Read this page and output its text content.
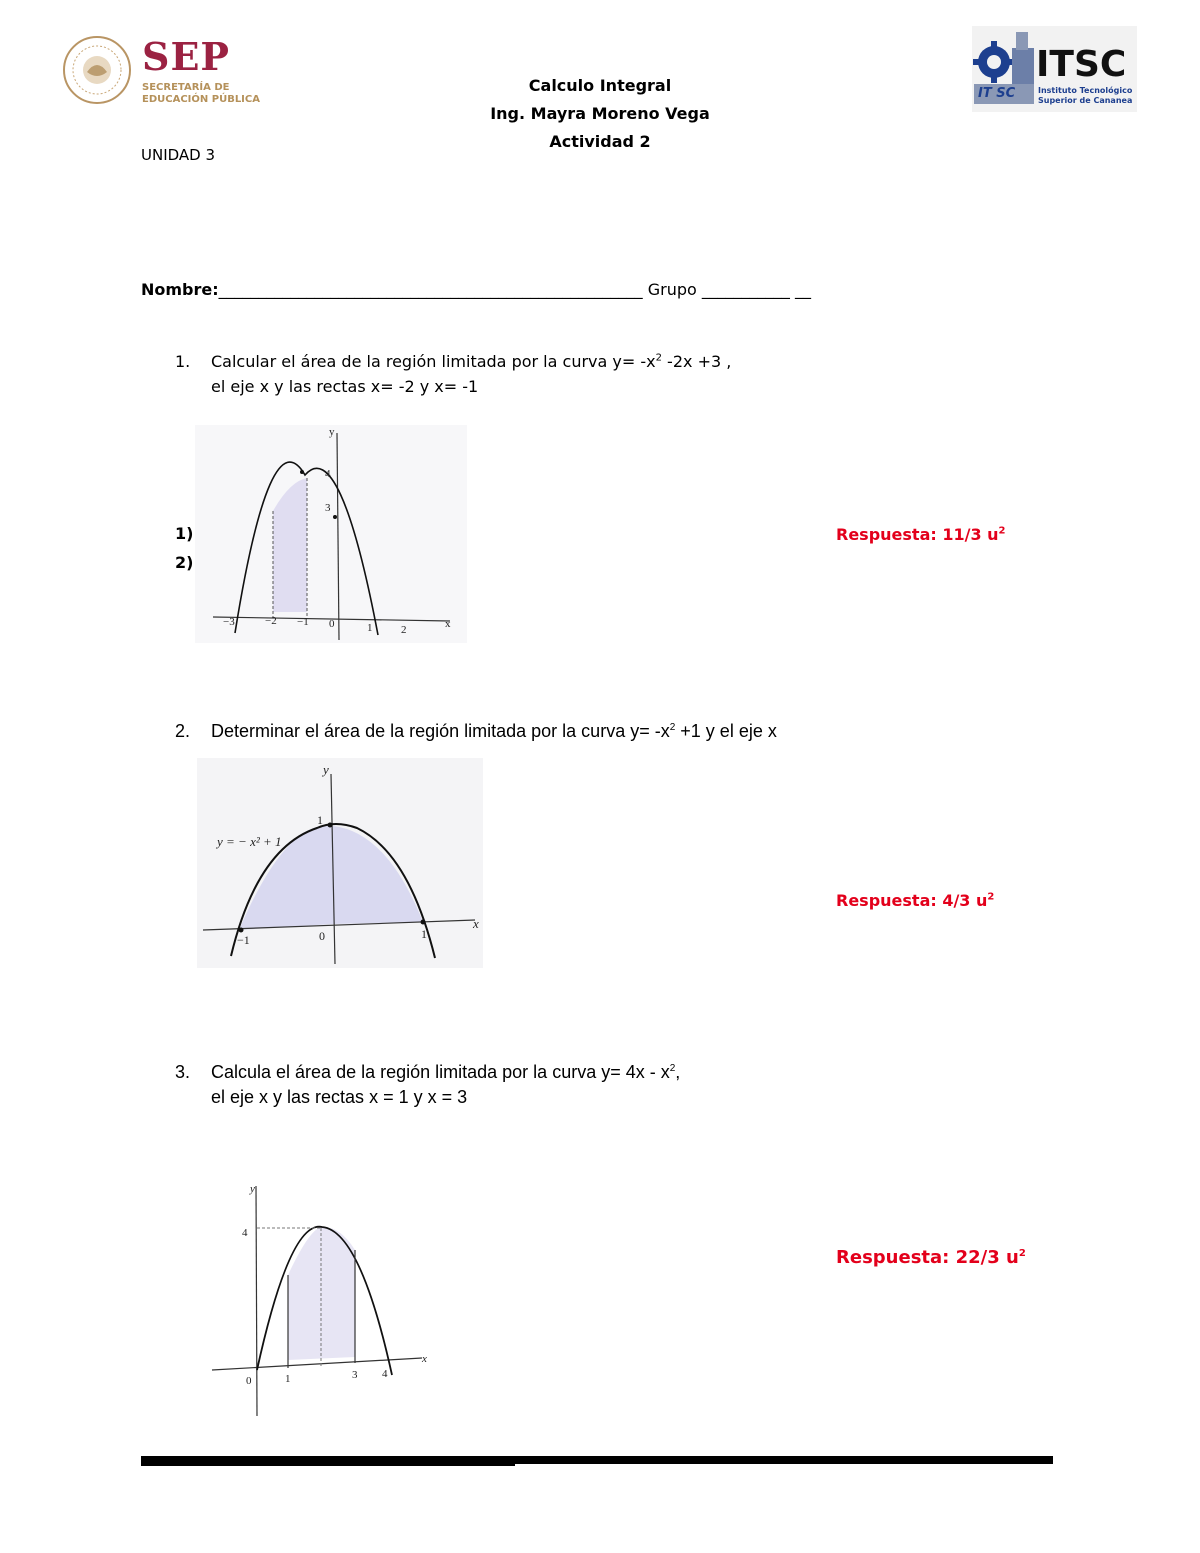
SEP
SECRETARÍA DE
EDUCACIÓN PÚBLICA
Calculo Integral
Ing. Mayra Moreno Vega
Actividad 2
IT SC
ITSC
Instituto Tecnológico
Superior de Cananea
UNIDAD 3
Nombre:_____________________________________________________ Grupo ___________ __
1. Calcular el área de la región limitada por la curva $y= -x^2$ -2x +3 ,
el eje x y las rectas x= -2 y x= -1
1)
2)
y
x
−3	−2 −1 0	1	2
4
3
Respuesta: 11/3 $u^2$
2. Determinar el área de la región limitada por la curva $y= -x^2 +1$ y el eje x
y
x
y = − x² + 1
−1	0	1
1
Respuesta: 4/3 $u^2$
3. Calcula el área de la región limitada por la curva $y= 4x - x^2$,
el eje x y las rectas x = 1 y x = 3
y
x
4
0	1	3 4
Respuesta: 22/3 $u^2$
